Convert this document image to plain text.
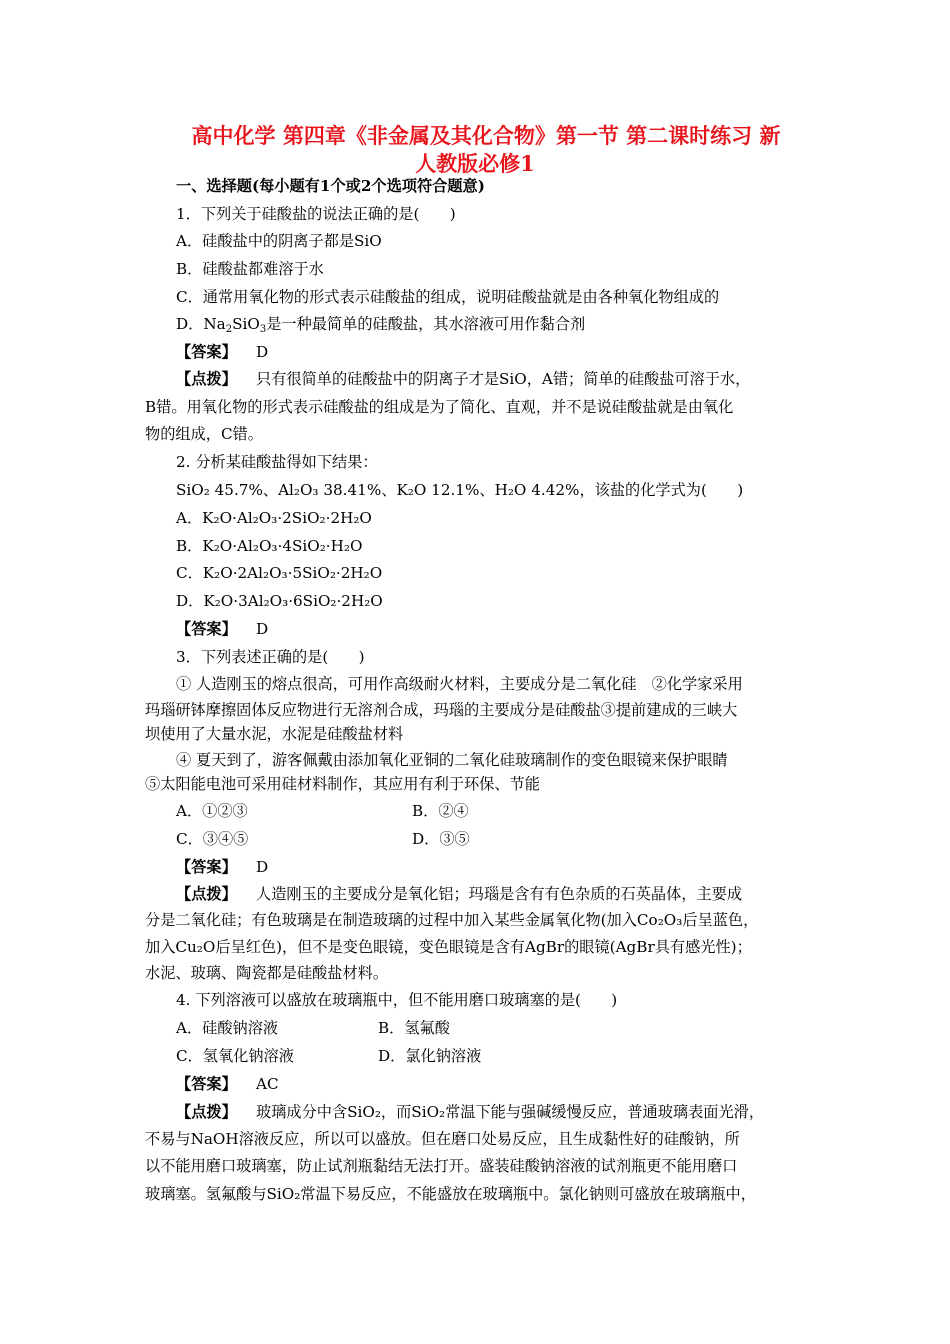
高中化学 第四章《非金属及其化合物》第一节 第二课时练习 新
人教版必修1
一、选择题(每小题有1个或2个选项符合题意)
1．下列关于硅酸盐的说法正确的是(　　)
A．硅酸盐中的阴离子都是SiO
B．硅酸盐都难溶于水
C．通常用氧化物的形式表示硅酸盐的组成，说明硅酸盐就是由各种氧化物组成的
D．$Na_2SiO_3$是一种最简单的硅酸盐，其水溶液可用作黏合剂
【答案】 D
【点拨】 只有很简单的硅酸盐中的阴离子才是SiO，A错；简单的硅酸盐可溶于水，
B错。用氧化物的形式表示硅酸盐的组成是为了简化、直观，并不是说硅酸盐就是由氧化
物的组成，C错。
2. 分析某硅酸盐得如下结果：
SiO₂ 45.7%、Al₂O₃ 38.41%、K₂O 12.1%、H₂O 4.42%，该盐的化学式为(　　)
A．K₂O·Al₂O₃·2SiO₂·2H₂O
B．K₂O·Al₂O₃·4SiO₂·H₂O
C．K₂O·2Al₂O₃·5SiO₂·2H₂O
D．K₂O·3Al₂O₃·6SiO₂·2H₂O
【答案】 D
3．下列表述正确的是(　　)
① 人造刚玉的熔点很高，可用作高级耐火材料，主要成分是二氧化硅　②化学家采用
玛瑙研钵摩擦固体反应物进行无溶剂合成，玛瑙的主要成分是硅酸盐③提前建成的三峡大
坝使用了大量水泥，水泥是硅酸盐材料
④ 夏天到了，游客佩戴由添加氧化亚铜的二氧化硅玻璃制作的变色眼镜来保护眼睛
⑤太阳能电池可采用硅材料制作，其应用有利于环保、节能
A．①②③	B．②④
C．③④⑤	D．③⑤
【答案】 D
【点拨】 人造刚玉的主要成分是氧化铝；玛瑙是含有有色杂质的石英晶体，主要成
分是二氧化硅；有色玻璃是在制造玻璃的过程中加入某些金属氧化物(加入Co₂O₃后呈蓝色，
加入Cu₂O后呈红色)，但不是变色眼镜，变色眼镜是含有AgBr的眼镜(AgBr具有感光性)；
水泥、玻璃、陶瓷都是硅酸盐材料。
4. 下列溶液可以盛放在玻璃瓶中，但不能用磨口玻璃塞的是(　　)
A．硅酸钠溶液	B．氢氟酸
C．氢氧化钠溶液	D．氯化钠溶液
【答案】 AC
【点拨】 玻璃成分中含SiO₂，而SiO₂常温下能与强碱缓慢反应，普通玻璃表面光滑，
不易与NaOH溶液反应，所以可以盛放。但在磨口处易反应，且生成黏性好的硅酸钠，所
以不能用磨口玻璃塞，防止试剂瓶黏结无法打开。盛装硅酸钠溶液的试剂瓶更不能用磨口
玻璃塞。氢氟酸与SiO₂常温下易反应，不能盛放在玻璃瓶中。氯化钠则可盛放在玻璃瓶中，
